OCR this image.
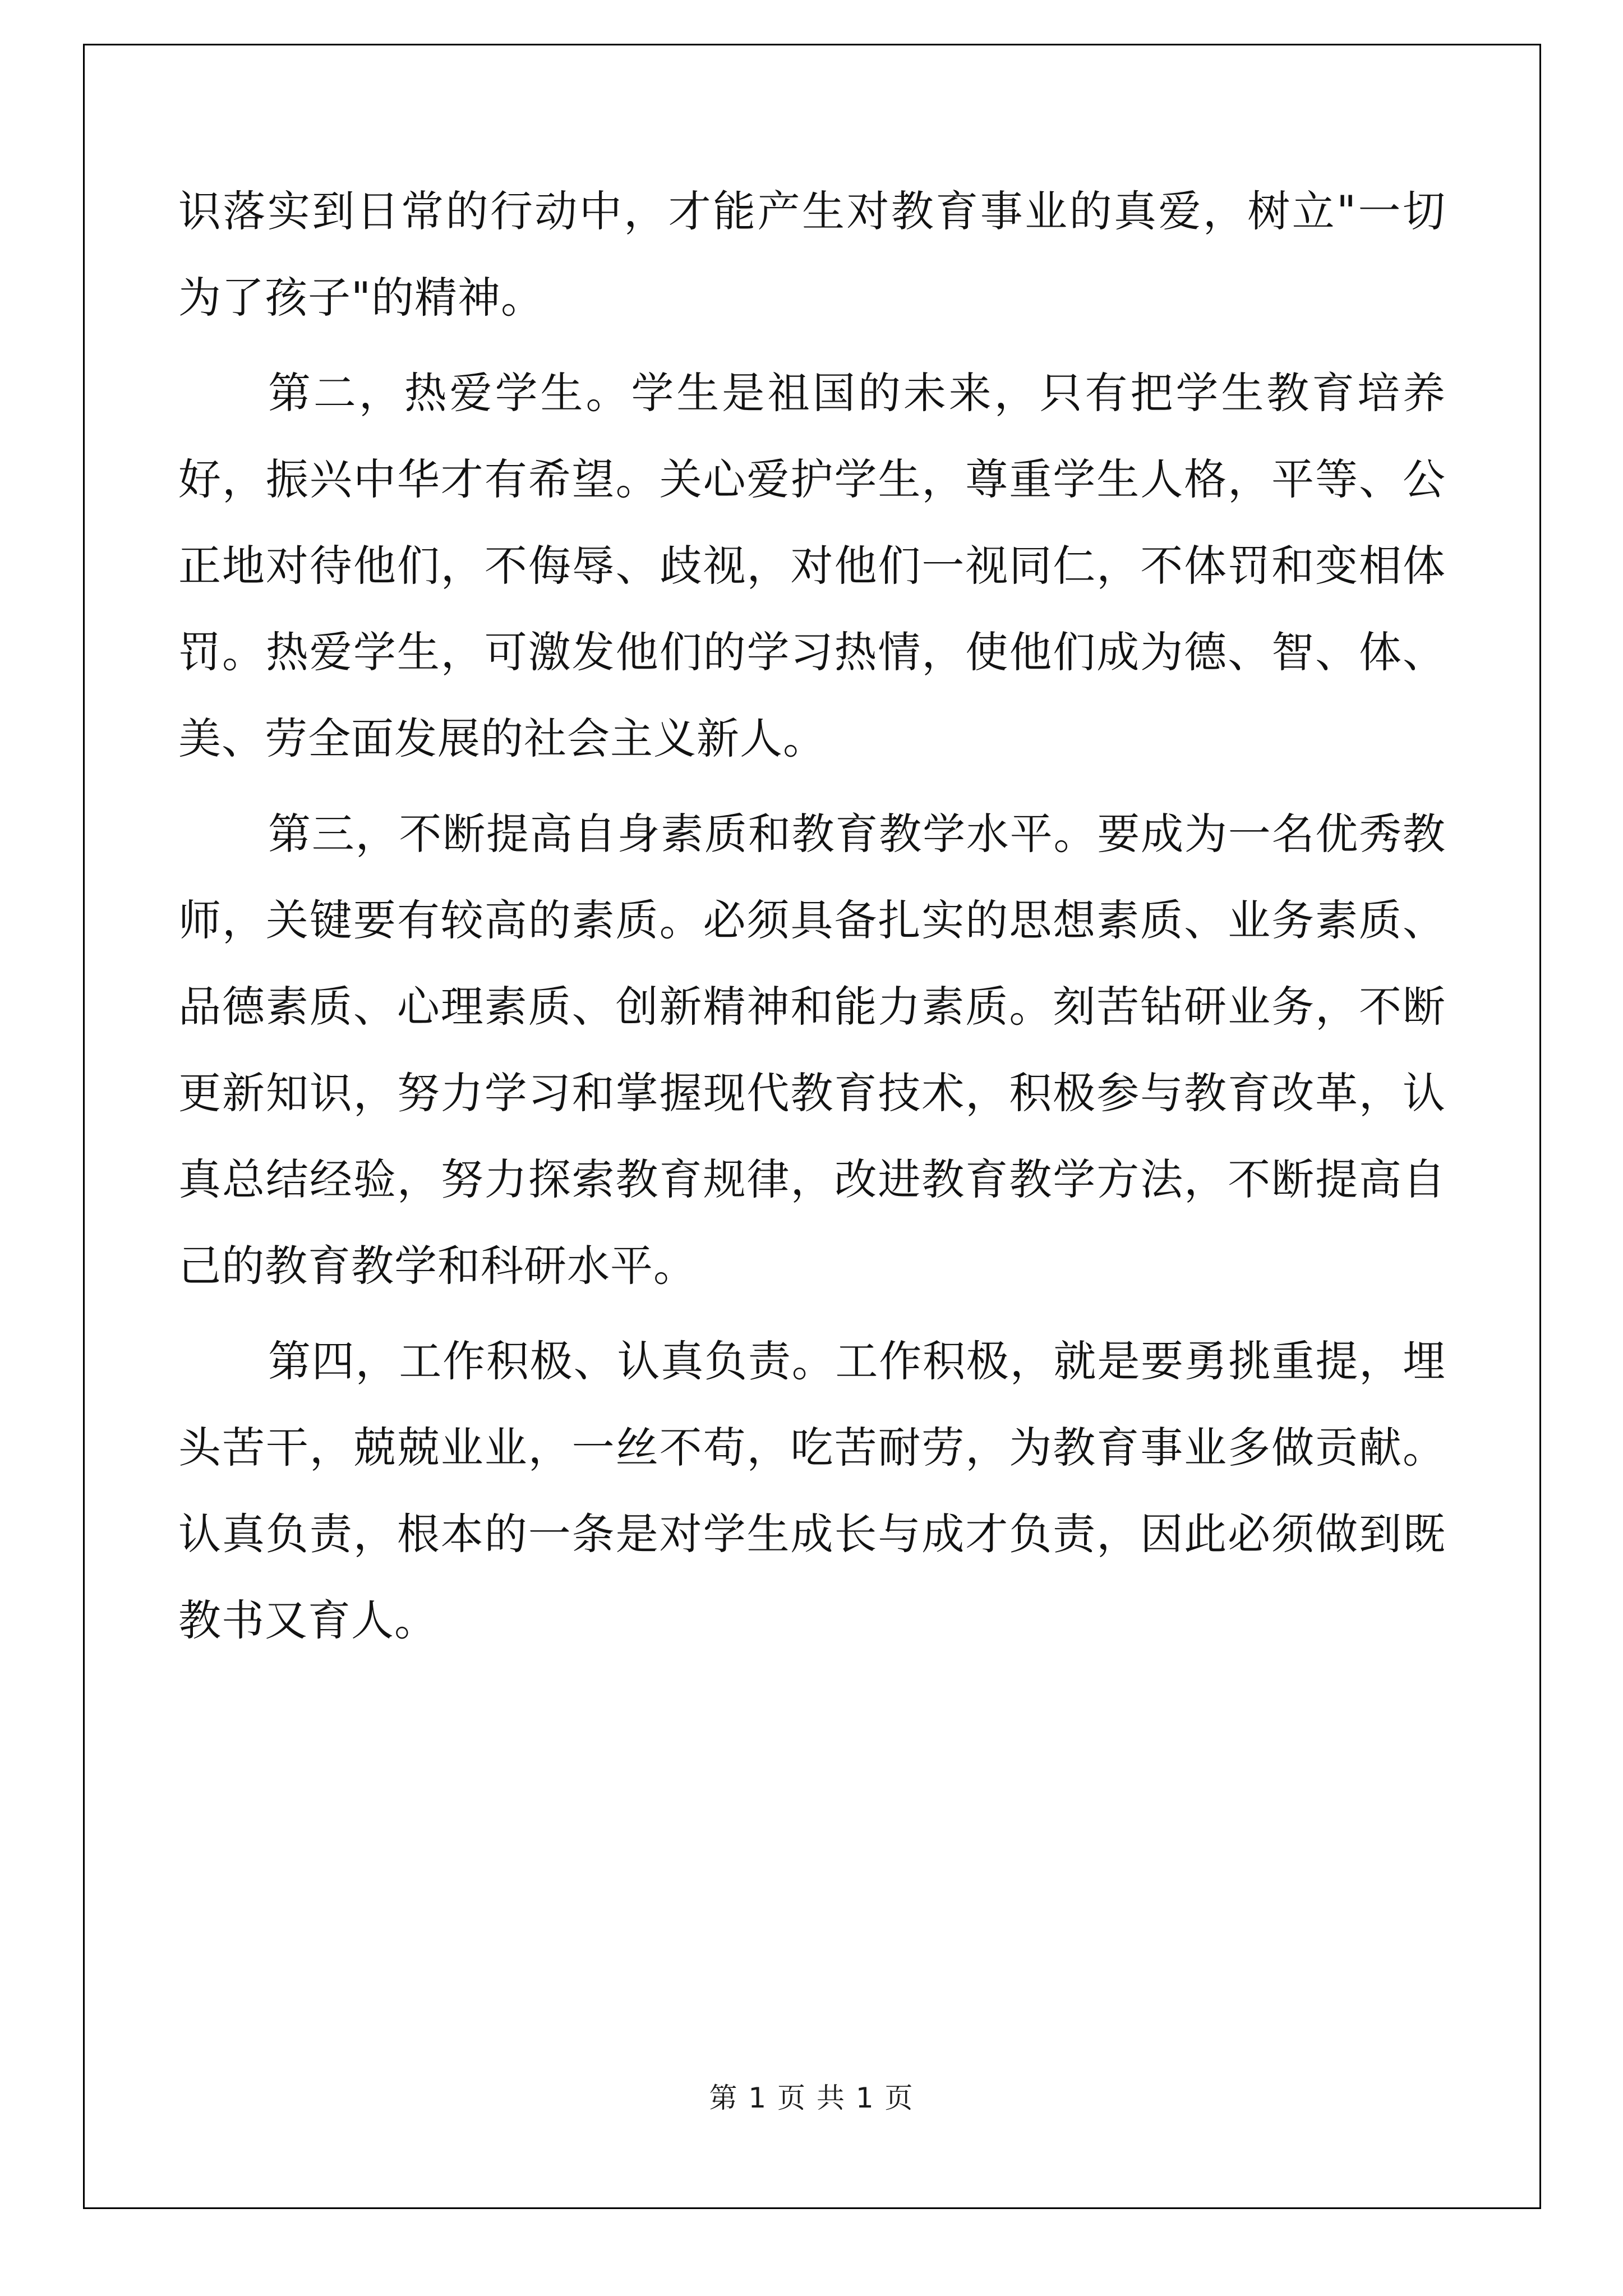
识落实到日常的行动中，才能产生对教育事业的真爱，树立"一切为了孩子"的精神。

第二，热爱学生。学生是祖国的未来，只有把学生教育培养好，振兴中华才有希望。关心爱护学生，尊重学生人格，平等、公正地对待他们，不侮辱、歧视，对他们一视同仁，不体罚和变相体罚。热爱学生，可激发他们的学习热情，使他们成为德、智、体、美、劳全面发展的社会主义新人。

第三，不断提高自身素质和教育教学水平。要成为一名优秀教师，关键要有较高的素质。必须具备扎实的思想素质、业务素质、品德素质、心理素质、创新精神和能力素质。刻苦钻研业务，不断更新知识，努力学习和掌握现代教育技术，积极参与教育改革，认真总结经验，努力探索教育规律，改进教育教学方法，不断提高自己的教育教学和科研水平。

第四，工作积极、认真负责。工作积极，就是要勇挑重提，埋头苦干，兢兢业业，一丝不苟，吃苦耐劳，为教育事业多做贡献。认真负责，根本的一条是对学生成长与成才负责，因此必须做到既教书又育人。

第 1 页 共 1 页
